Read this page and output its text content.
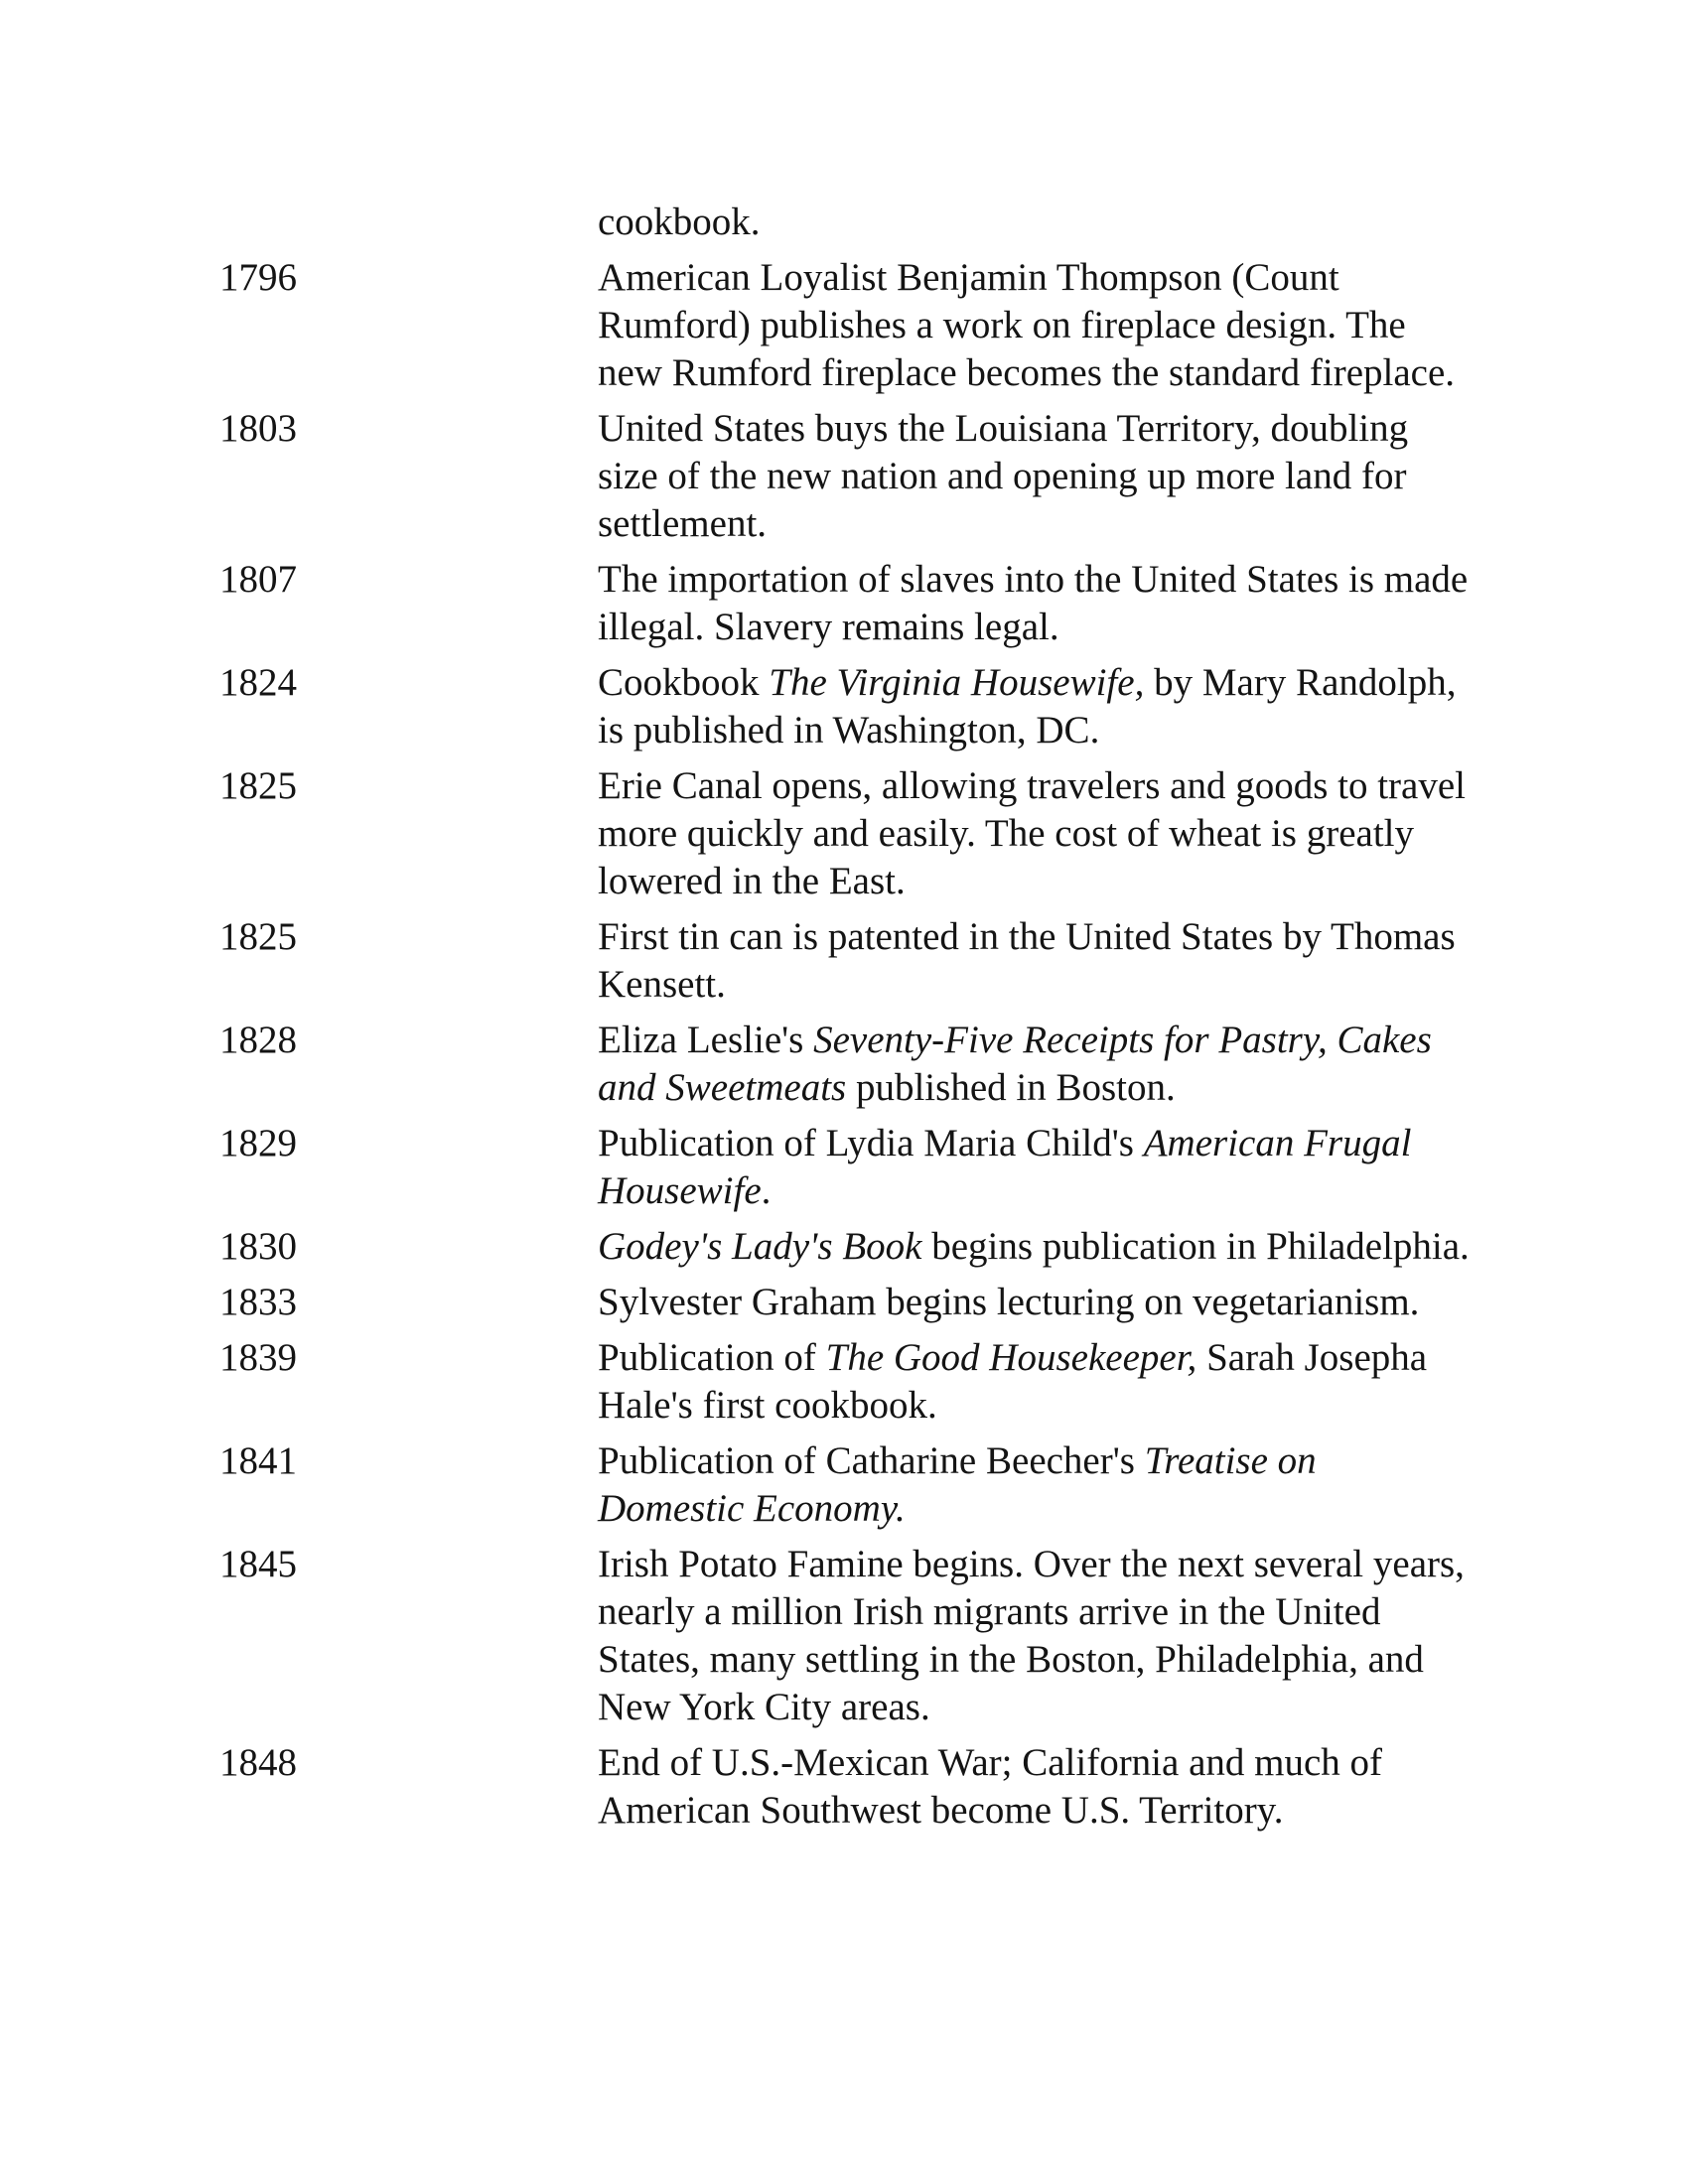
cookbook.
1796	American Loyalist Benjamin Thompson (Count Rumford) publishes a work on fireplace design. The new Rumford fireplace becomes the standard fireplace.
1803	United States buys the Louisiana Territory, doubling size of the new nation and opening up more land for settlement.
1807	The importation of slaves into the United States is made illegal. Slavery remains legal.
1824	Cookbook The Virginia Housewife, by Mary Randolph, is published in Washington, DC.
1825	Erie Canal opens, allowing travelers and goods to travel more quickly and easily. The cost of wheat is greatly lowered in the East.
1825	First tin can is patented in the United States by Thomas Kensett.
1828	Eliza Leslie's Seventy-Five Receipts for Pastry, Cakes and Sweetmeats published in Boston.
1829	Publication of Lydia Maria Child's American Frugal Housewife.
1830	Godey's Lady's Book begins publication in Philadelphia.
1833	Sylvester Graham begins lecturing on vegetarianism.
1839	Publication of The Good Housekeeper, Sarah Josepha Hale's first cookbook.
1841	Publication of Catharine Beecher's Treatise on Domestic Economy.
1845	Irish Potato Famine begins. Over the next several years, nearly a million Irish migrants arrive in the United States, many settling in the Boston, Philadelphia, and New York City areas.
1848	End of U.S.-Mexican War; California and much of American Southwest become U.S. Territory.
